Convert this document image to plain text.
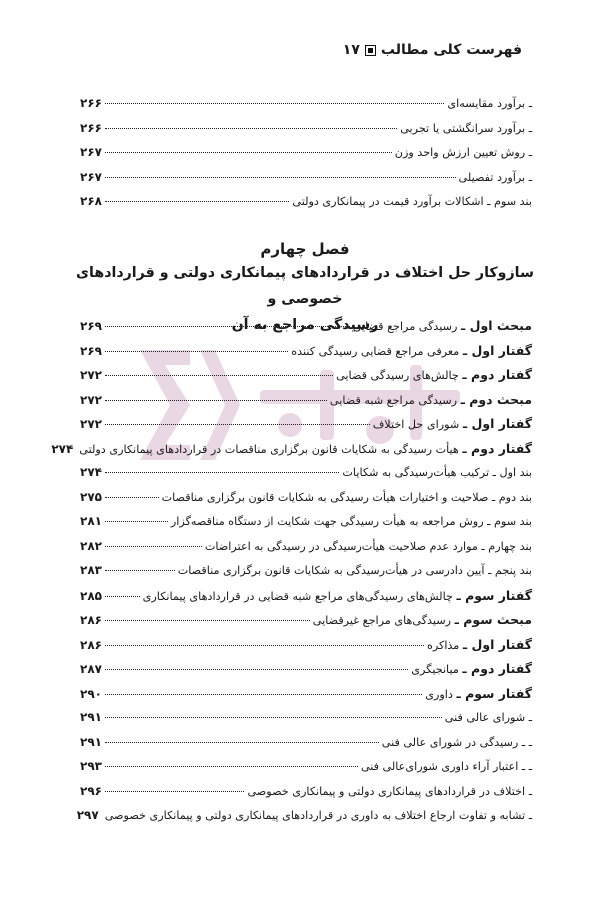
فهرست کلی مطالب
۱۷
ـ برآورد مقایسه‌ای
۲۶۶
ـ برآورد سرانگشتی یا تجربی
۲۶۶
ـ روش تعیین ارزش واحد وزن
۲۶۷
ـ برآورد تفصیلی
۲۶۷
بند سوم ـ اشکالات برآورد قیمت در پیمانکاری دولتی
۲۶۸
فصل چهارم
سازوکار حل اختلاف در قراردادهای پیمانکاری دولتی و قراردادهای خصوصی و
رسیدگی مراجع به آن	مبحث اول ـ رسیدگی مراجع قضایی
۲۶۹
گفتار اول ـ معرفی مراجع قضایی رسیدگی کننده
۲۶۹
گفتار دوم ـ چالش‌های رسیدگی قضایی
۲۷۲
مبحث دوم ـ رسیدگی مراجع شبه قضایی
۲۷۲
گفتار اول ـ شورای حل اختلاف
۲۷۲
گفتار دوم ـ هیأت رسیدگی به شکایات قانون برگزاری مناقصات در قراردادهای پیمانکاری دولتی
۲۷۴
بند اول ـ ترکیب هیأت‌رسیدگی به شکایات
۲۷۴
بند دوم ـ صلاحیت و اختیارات هیأت رسیدگی به شکایات قانون برگزاری مناقصات
۲۷۵
بند سوم ـ روش مراجعه به هیأت رسیدگی جهت شکایت از دستگاه مناقصه‌گزار
۲۸۱
بند چهارم ـ موارد عدم صلاحیت هیأت‌رسیدگی در رسیدگی به اعتراضات
۲۸۲
بند پنجم ـ آیین دادرسی در هیأت‌رسیدگی به شکایات قانون برگزاری مناقصات
۲۸۳
گفتار سوم ـ چالش‌های رسیدگی‌های مراجع شبه قضایی در قراردادهای پیمانکاری
۲۸۵
مبحث سوم ـ رسیدگی‌های مراجع غیرقضایی
۲۸۶
گفتار اول ـ مذاکره
۲۸۶
گفتار دوم ـ میانجیگری
۲۸۷
گفتار سوم ـ داوری
۲۹۰
ـ شورای عالی فنی
۲۹۱
ـ ـ رسیدگی در شورای عالی فنی
۲۹۱
ـ ـ اعتبار آراء داوری شورای‌عالی فنی
۲۹۳
ـ اختلاف در قراردادهای پیمانکاری دولتی و پیمانکاری خصوصی
۲۹۶
ـ تشابه و تفاوت ارجاع اختلاف به داوری در قراردادهای پیمانکاری دولتی و پیمانکاری خصوصی
۲۹۷
